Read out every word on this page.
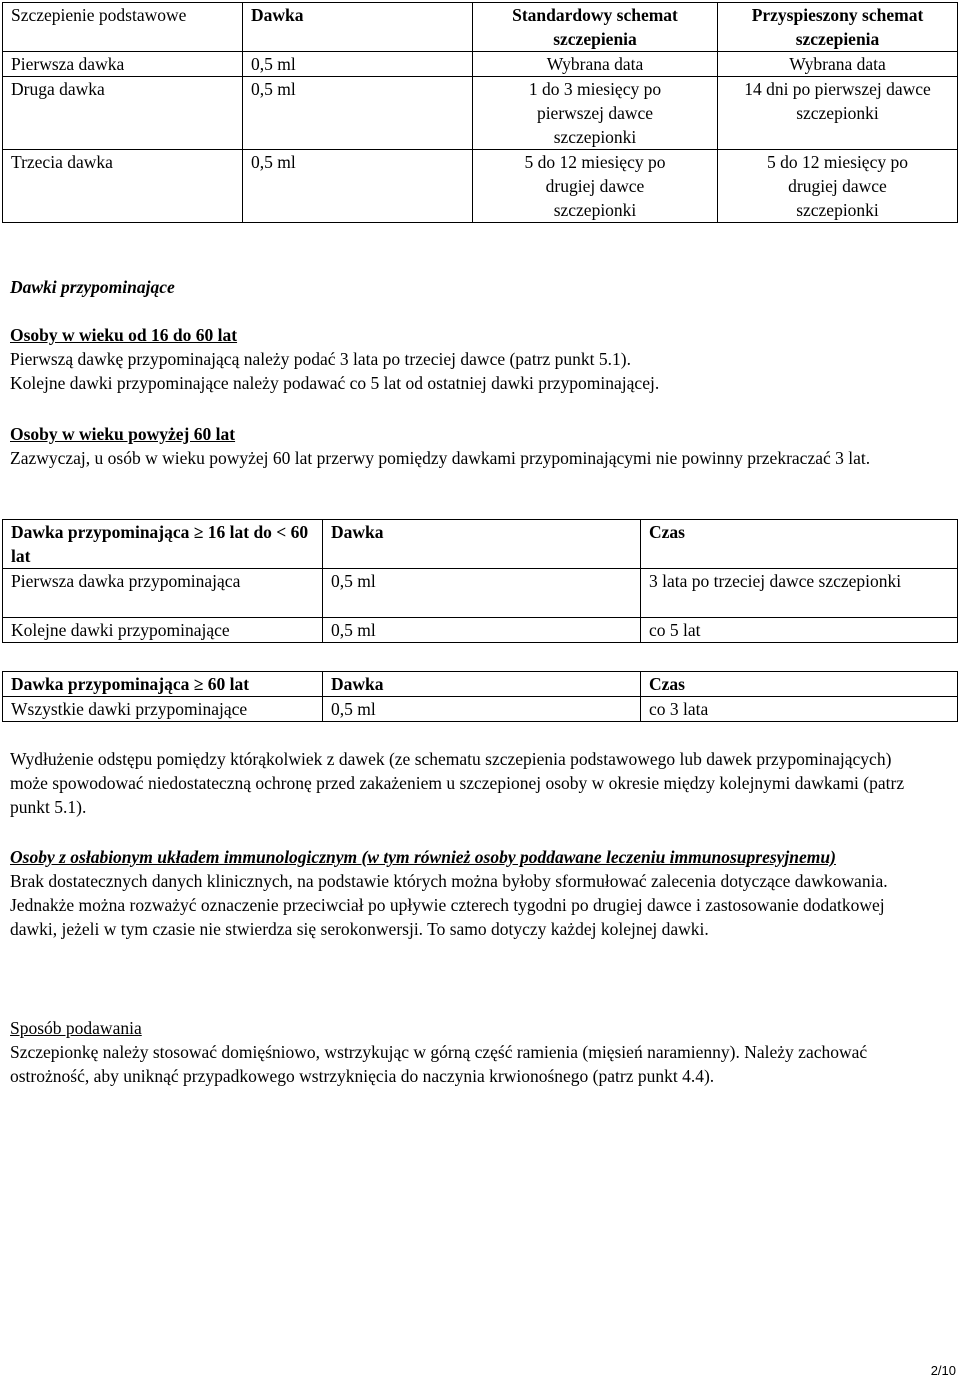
Szczepienie podstawowe	Dawka	Standardowy schemat szczepienia	Przyspieszony schemat szczepienia
Pierwsza dawka	0,5 ml	Wybrana data	Wybrana data
Druga dawka	0,5 ml	1 do 3 miesięcy po pierwszej dawce szczepionki	14 dni po pierwszej dawce szczepionki

Trzecia dawka	0,5 ml	5 do 12 miesięcy po drugiej dawce szczepionki	5 do 12 miesięcy po drugiej dawce szczepionki
Dawki przypominające
Osoby w wieku od 16 do 60 lat
Pierwszą dawkę przypominającą należy podać 3 lata po trzeciej dawce (patrz punkt 5.1).
Kolejne dawki przypominające należy podawać co 5 lat od ostatniej dawki przypominającej.
Osoby w wieku powyżej 60 lat
Zazwyczaj, u osób w wieku powyżej 60 lat przerwy pomiędzy dawkami przypominającymi nie powinny przekraczać 3 lat.
Dawka przypominająca ≥ 16 lat do < 60 lat	Dawka	Czas
Pierwsza dawka przypominająca	0,5 ml	3 lata po trzeciej dawce szczepionki
Kolejne dawki przypominające	0,5 ml	co 5 lat
Dawka przypominająca ≥ 60 lat	Dawka	Czas
Wszystkie dawki przypominające	0,5 ml	co 3 lata
Wydłużenie odstępu pomiędzy którąkolwiek z dawek (ze schematu szczepienia podstawowego lub dawek przypominających) może spowodować niedostateczną ochronę przed zakażeniem u szczepionej osoby w okresie między kolejnymi dawkami (patrz punkt 5.1).
Osoby z osłabionym układem immunologicznym (w tym również osoby poddawane leczeniu immunosupresyjnemu)
Brak dostatecznych danych klinicznych, na podstawie których można byłoby sformułować zalecenia dotyczące dawkowania. Jednakże można rozważyć oznaczenie przeciwciał po upływie czterech tygodni po drugiej dawce i zastosowanie dodatkowej dawki, jeżeli w tym czasie nie stwierdza się serokonwersji. To samo dotyczy każdej kolejnej dawki.
Sposób podawania
Szczepionkę należy stosować domięśniowo, wstrzykując w górną część ramienia (mięsień naramienny). Należy zachować ostrożność, aby uniknąć przypadkowego wstrzyknięcia do naczynia krwionośnego (patrz punkt 4.4).
2/10
